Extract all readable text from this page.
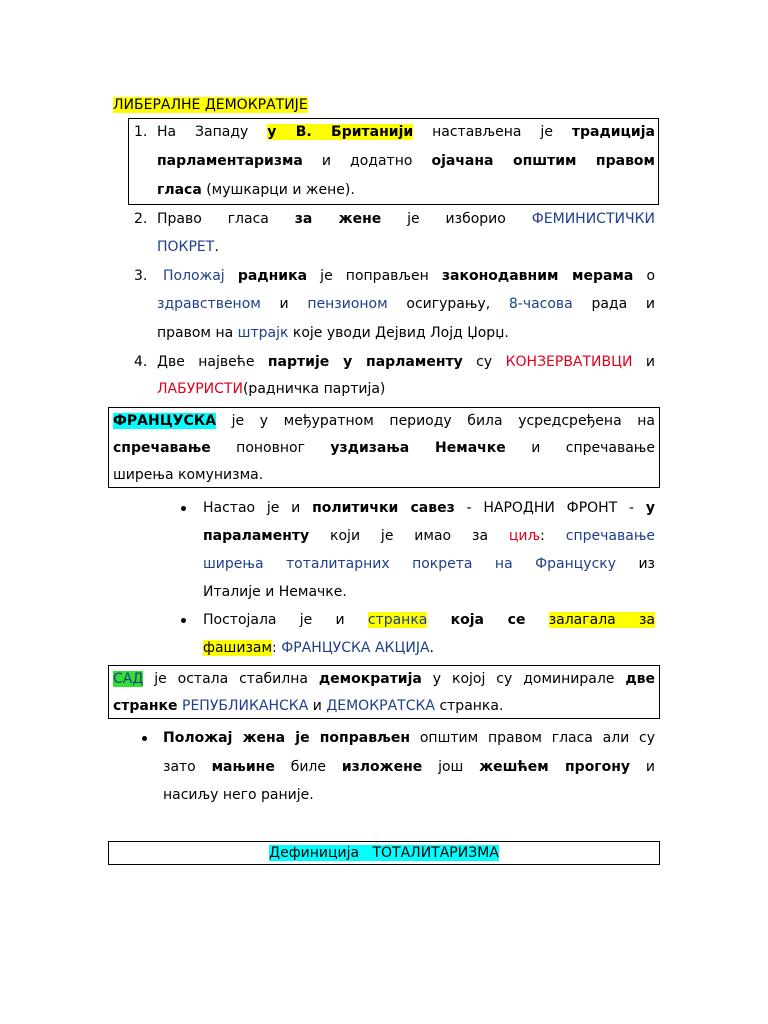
ЛИБЕРАЛНЕ ДЕМОКРАТИЈЕ
1. На Западу у В. Британији настављена је традиција
парламентаризма и додатно ојачана општим правом
гласа (мушкарци и жене).
2. Право гласа за жене је изборио ФЕМИНИСТИЧКИ
ПОКРЕТ.
3. Положај радника је поправљен законодавним мерама о
здравственом и пензионом осигурању, 8-часова рада и
правом на штрајк које уводи Дејвид Лојд Џорџ.
4. Две највеће партије у парламенту су КОНЗЕРВАТИВЦИ и
ЛАБУРИСТИ(радничка партија)
ФРАНЦУСКА је у међуратном периоду била усредсређена на
спречавање поновног уздизања Немачке и спречавање
ширења комунизма.
Настао је и политички савез - НАРОДНИ ФРОНТ - у
параламенту који је имао за циљ: спречавање
ширења тоталитарних покрета на Француску из
Италије и Немачке.
Постојала је и странка која се залагала за
фашизам: ФРАНЦУСКА АКЦИЈА.
САД је остала стабилна демократија у којој су доминирале две
странке РЕПУБЛИКАНСКА и ДЕМОКРАТСКА странка.
Положај жена је поправљен општим правом гласа али су
зато мањине биле изложене још жешћем прогону и
насиљу него раније.
Дефиниција ТОТАЛИТАРИЗМА
